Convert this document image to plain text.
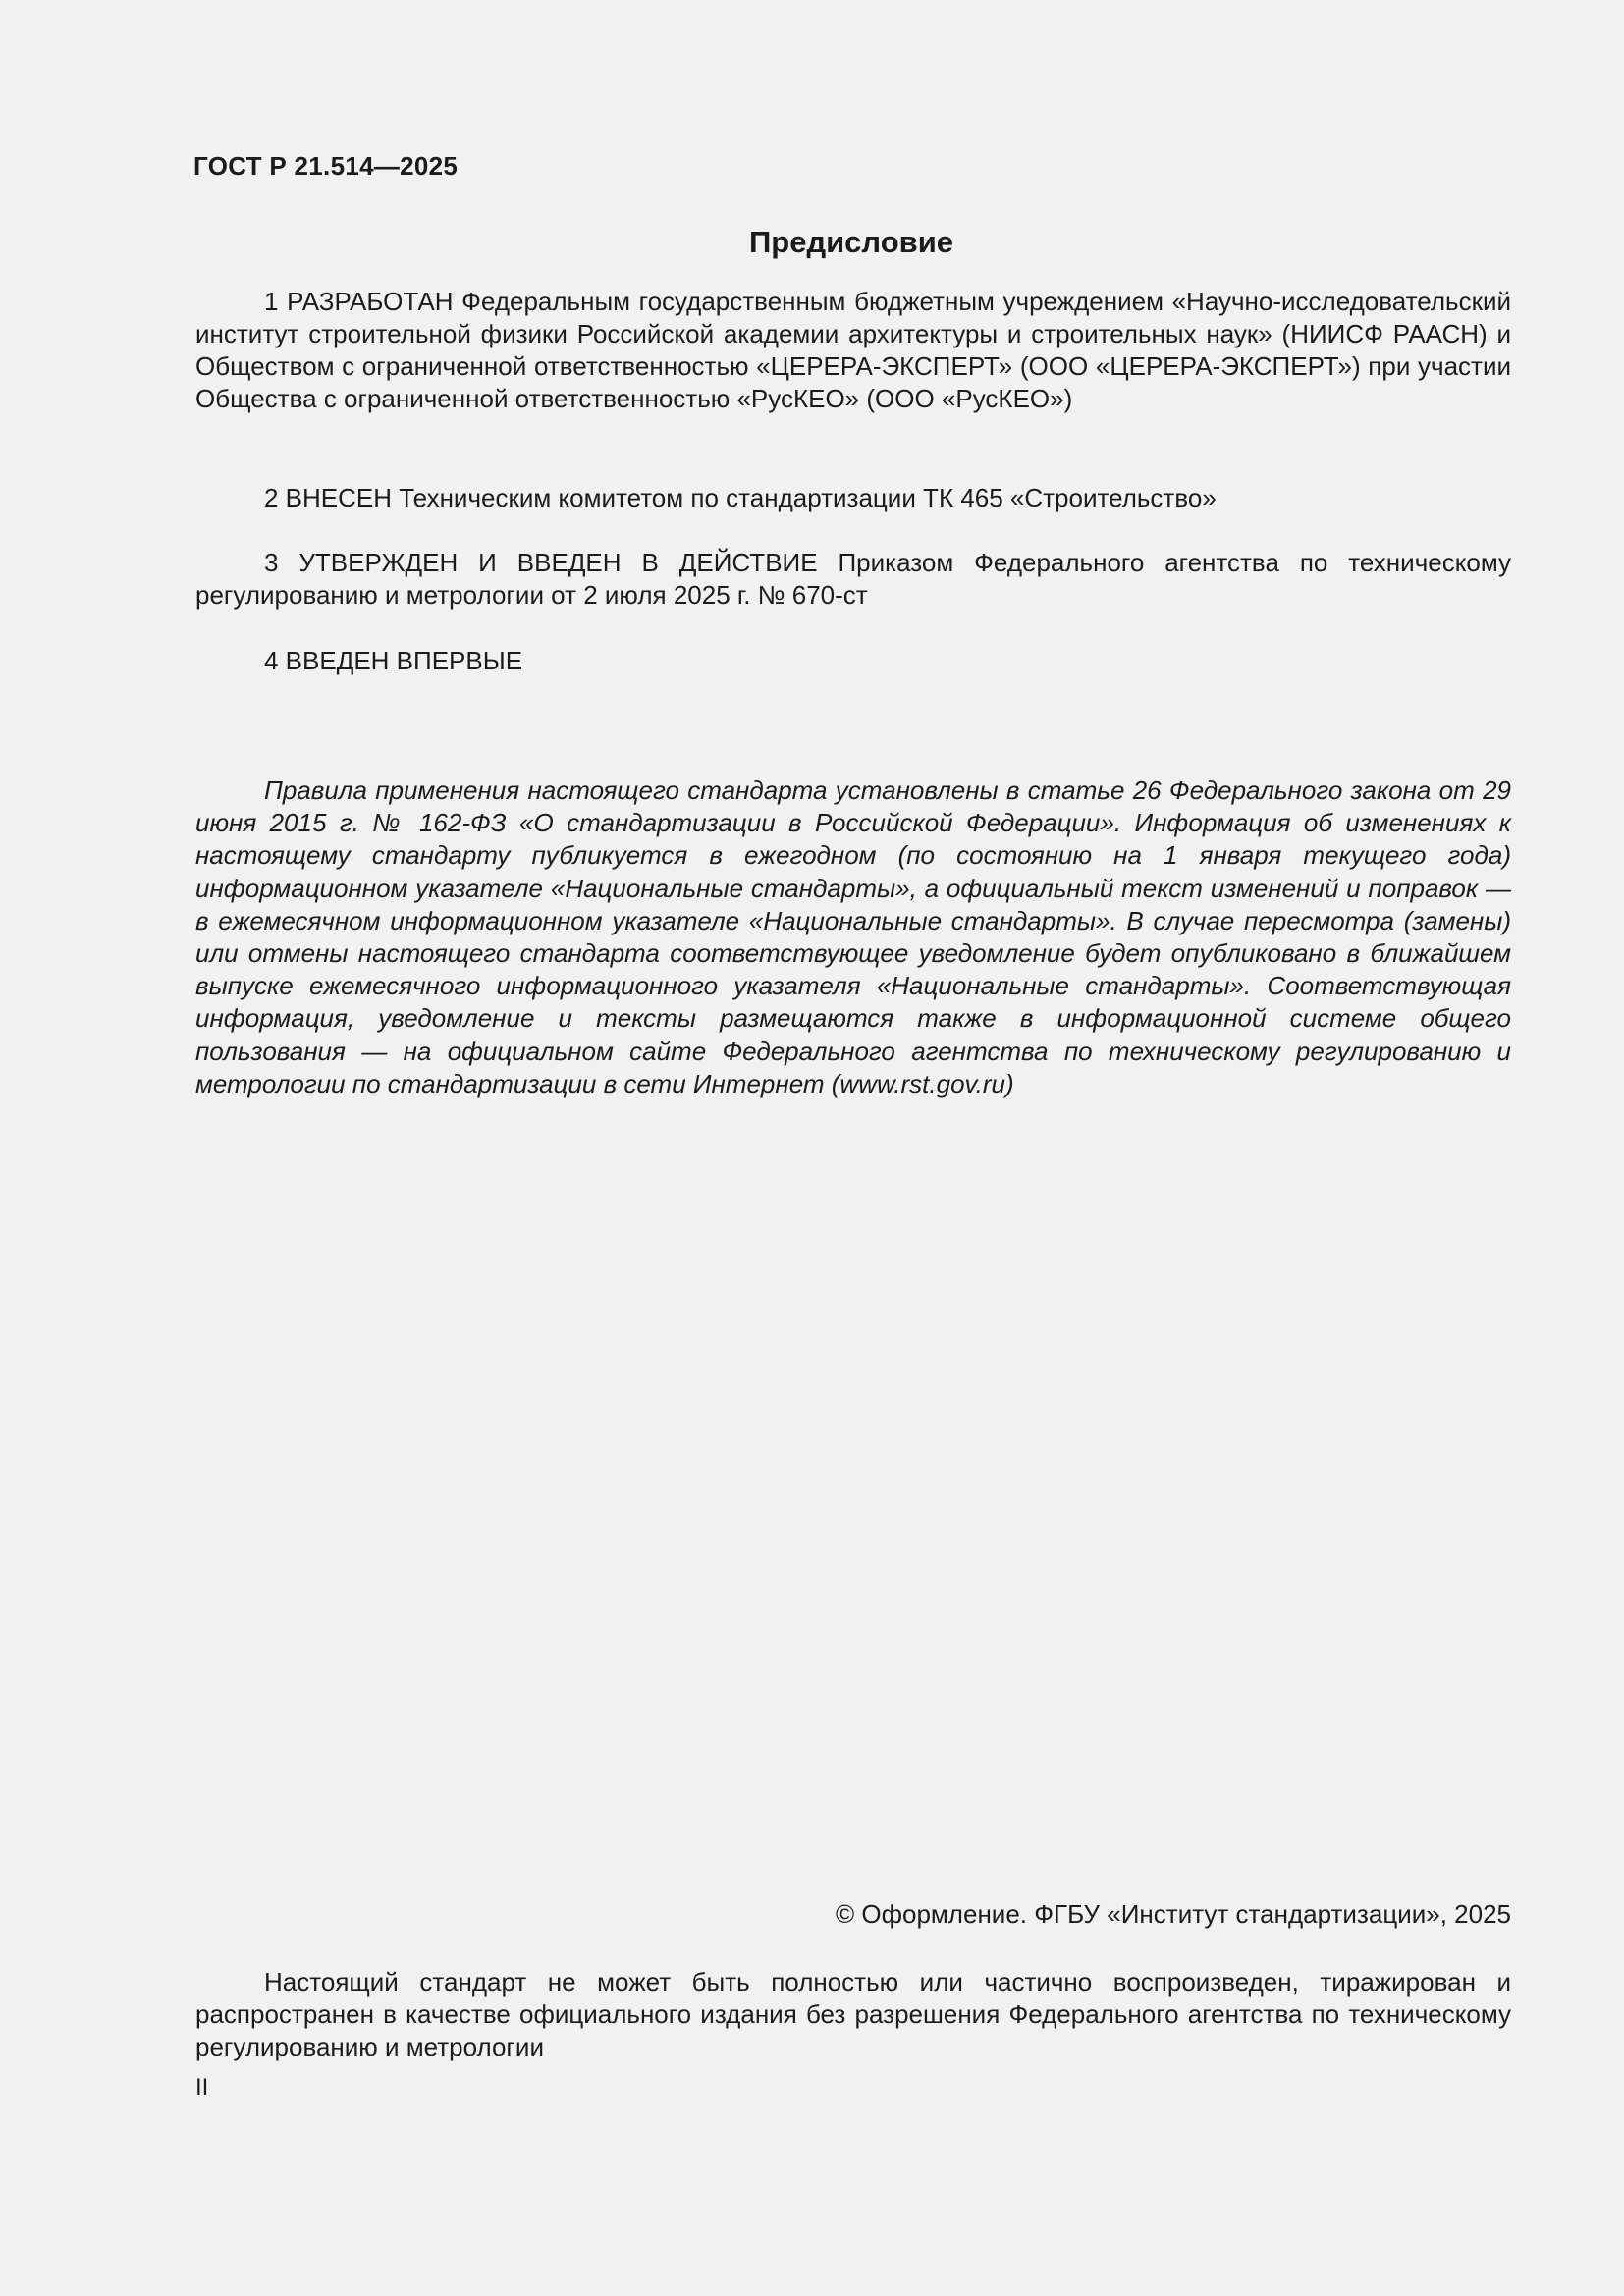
ГОСТ Р 21.514—2025
Предисловие

1 РАЗРАБОТАН Федеральным государственным бюджетным учреждением «Научно-исследовательский институт строительной физики Российской академии архитектуры и строительных наук» (НИИСФ РААСН) и Обществом с ограниченной ответственностью «ЦЕРЕРА-ЭКСПЕРТ» (ООО «ЦЕРЕРА-ЭКСПЕРТ») при участии Общества с ограниченной ответственностью «РусКЕО» (ООО «РусКЕО»)

2 ВНЕСЕН Техническим комитетом по стандартизации ТК 465 «Строительство»

3 УТВЕРЖДЕН И ВВЕДЕН В ДЕЙСТВИЕ Приказом Федерального агентства по техническому регулированию и метрологии от 2 июля 2025 г. № 670-ст

4 ВВЕДЕН ВПЕРВЫЕ

Правила применения настоящего стандарта установлены в статье 26 Федерального закона от 29 июня 2015 г. № 162-ФЗ «О стандартизации в Российской Федерации». Информация об изменениях к настоящему стандарту публикуется в ежегодном (по состоянию на 1 января текущего года) информационном указателе «Национальные стандарты», а официальный текст изменений и поправок — в ежемесячном информационном указателе «Национальные стандарты». В случае пересмотра (замены) или отмены настоящего стандарта соответствующее уведомление будет опубликовано в ближайшем выпуске ежемесячного информационного указателя «Национальные стандарты». Соответствующая информация, уведомление и тексты размещаются также в информационной системе общего пользования — на официальном сайте Федерального агентства по техническому регулированию и метрологии по стандартизации в сети Интернет (www.rst.gov.ru)

© Оформление. ФГБУ «Институт стандартизации», 2025

Настоящий стандарт не может быть полностью или частично воспроизведен, тиражирован и распространен в качестве официального издания без разрешения Федерального агентства по техническому регулированию и метрологии

II
